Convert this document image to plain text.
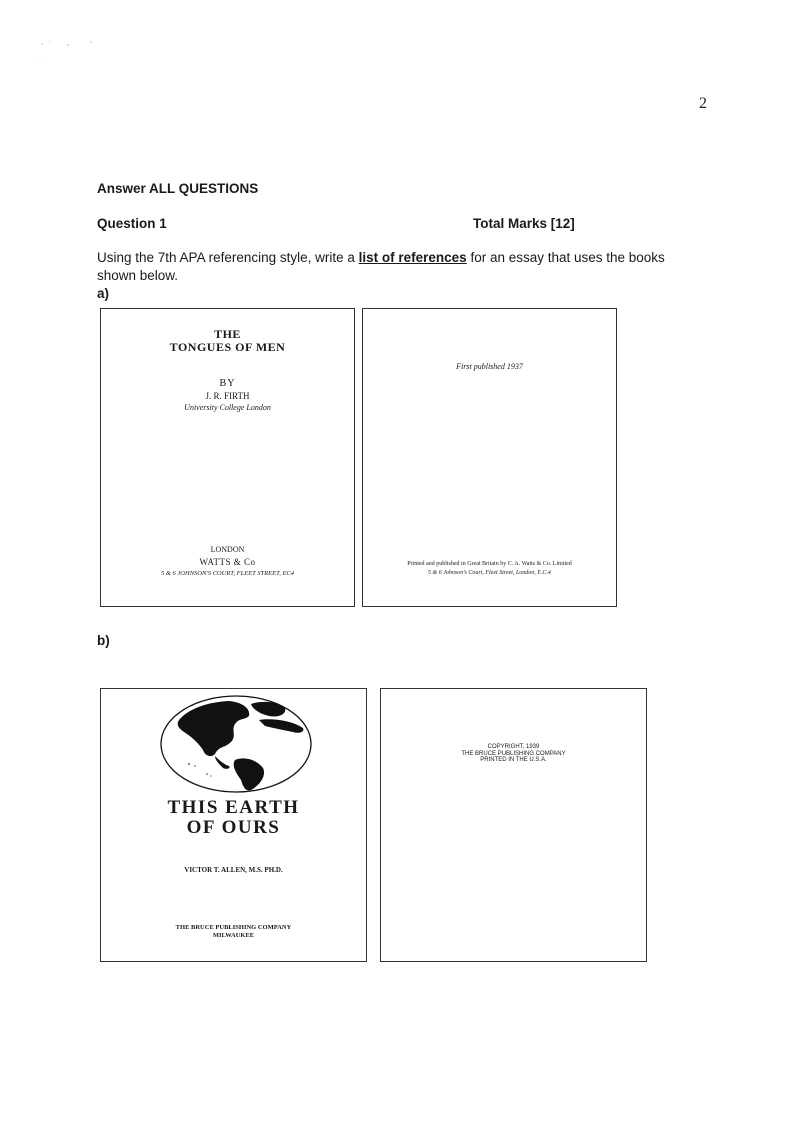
2
Answer ALL QUESTIONS
Question 1	Total Marks [12]
Using the 7th APA referencing style, write a list of references for an essay that uses the books shown below.
a)
THE
TONGUES OF MEN
BY
J. R. FIRTH
University College London
LONDON
WATTS & Co
5 & 6 JOHNSON'S COURT, FLEET STREET, EC4
First published 1937
Printed and published in Great Britain by C. A. Watts & Co. Limited
5 & 6 Johnson's Court, Fleet Street, London, E.C.4
b)
THIS EARTH
OF OURS
VICTOR T. ALLEN, M.S. PH.D.
THE BRUCE PUBLISHING COMPANY
MILWAUKEE
COPYRIGHT, 1939
THE BRUCE PUBLISHING COMPANY
PRINTED IN THE U.S.A.
